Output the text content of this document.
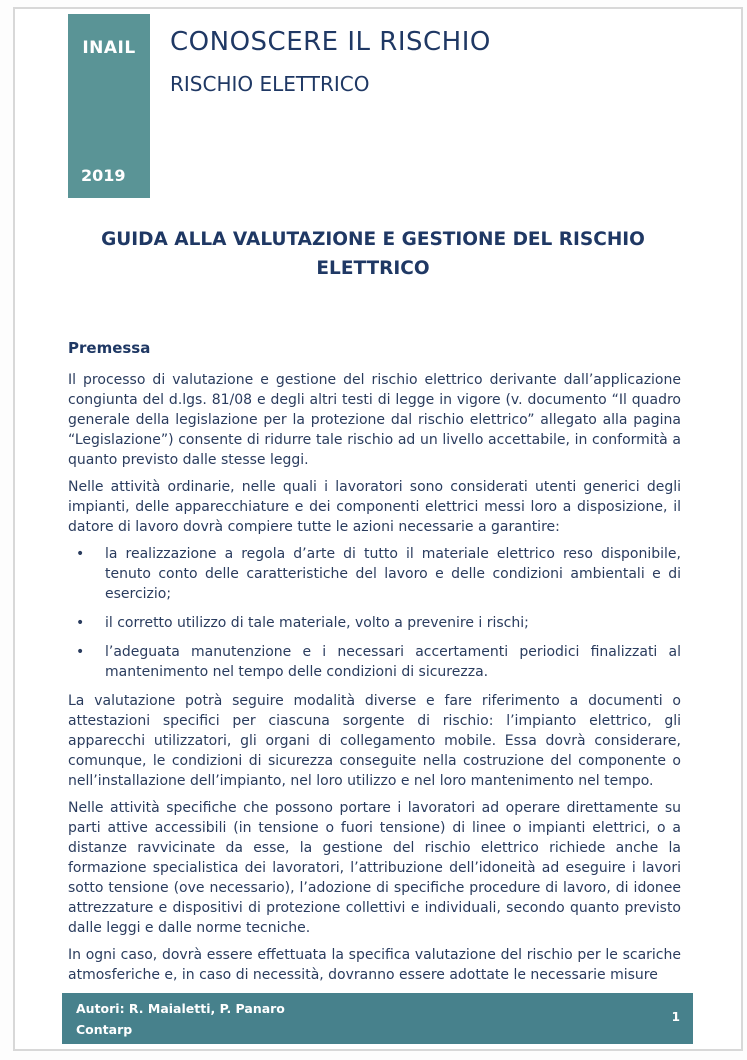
INAIL
2019
CONOSCERE IL RISCHIO
RISCHIO ELETTRICO
GUIDA ALLA VALUTAZIONE E GESTIONE DEL RISCHIO ELETTRICO
Premessa

Il processo di valutazione e gestione del rischio elettrico derivante dall’applicazione congiunta del d.lgs. 81/08 e degli altri testi di legge in vigore (v. documento “Il quadro generale della legislazione per la protezione dal rischio elettrico” allegato alla pagina “Legislazione”) consente di ridurre tale rischio ad un livello accettabile, in conformità a quanto previsto dalle stesse leggi.

Nelle attività ordinarie, nelle quali i lavoratori sono considerati utenti generici degli impianti, delle apparecchiature e dei componenti elettrici messi loro a disposizione, il datore di lavoro dovrà compiere tutte le azioni necessarie a garantire:

• la realizzazione a regola d’arte di tutto il materiale elettrico reso disponibile, tenuto conto delle caratteristiche del lavoro e delle condizioni ambientali e di esercizio;
• il corretto utilizzo di tale materiale, volto a prevenire i rischi;
• l’adeguata manutenzione e i necessari accertamenti periodici finalizzati al mantenimento nel tempo delle condizioni di sicurezza.

La valutazione potrà seguire modalità diverse e fare riferimento a documenti o attestazioni specifici per ciascuna sorgente di rischio: l’impianto elettrico, gli apparecchi utilizzatori, gli organi di collegamento mobile. Essa dovrà considerare, comunque, le condizioni di sicurezza conseguite nella costruzione del componente o nell’installazione dell’impianto, nel loro utilizzo e nel loro mantenimento nel tempo.

Nelle attività specifiche che possono portare i lavoratori ad operare direttamente su parti attive accessibili (in tensione o fuori tensione) di linee o impianti elettrici, o a distanze ravvicinate da esse, la gestione del rischio elettrico richiede anche la formazione specialistica dei lavoratori, l’attribuzione dell’idoneità ad eseguire i lavori sotto tensione (ove necessario), l’adozione di specifiche procedure di lavoro, di idonee attrezzature e dispositivi di protezione collettivi e individuali, secondo quanto previsto dalle leggi e dalle norme tecniche.

In ogni caso, dovrà essere effettuata la specifica valutazione del rischio per le scariche atmosferiche e, in caso di necessità, dovranno essere adottate le necessarie misure

Autori: R. Maialetti, P. Panaro
Contarp
1
